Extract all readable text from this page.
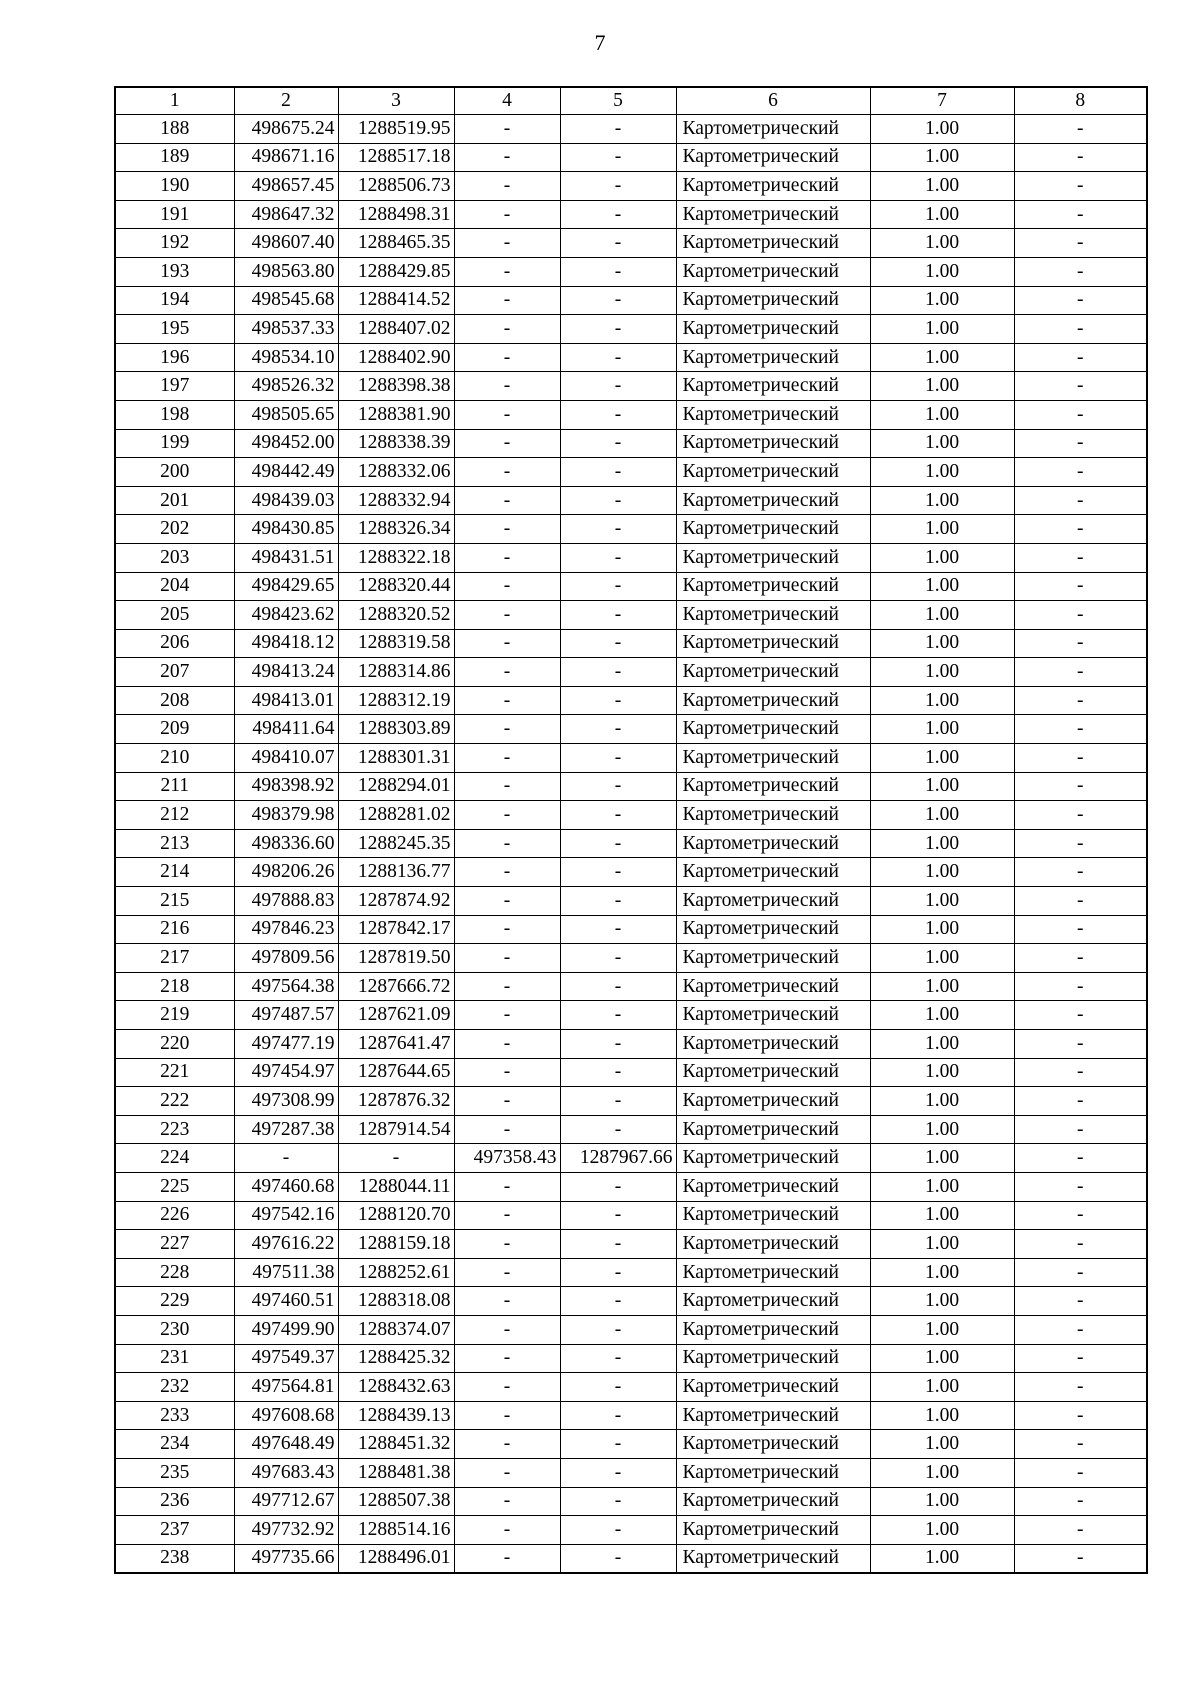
7
1	2	3	4	5	6	7	8
188	498675.24	1288519.95	-	-	Картометрический	1.00	-
189	498671.16	1288517.18	-	-	Картометрический	1.00	-
190	498657.45	1288506.73	-	-	Картометрический	1.00	-
191	498647.32	1288498.31	-	-	Картометрический	1.00	-
192	498607.40	1288465.35	-	-	Картометрический	1.00	-
193	498563.80	1288429.85	-	-	Картометрический	1.00	-
194	498545.68	1288414.52	-	-	Картометрический	1.00	-
195	498537.33	1288407.02	-	-	Картометрический	1.00	-
196	498534.10	1288402.90	-	-	Картометрический	1.00	-
197	498526.32	1288398.38	-	-	Картометрический	1.00	-
198	498505.65	1288381.90	-	-	Картометрический	1.00	-
199	498452.00	1288338.39	-	-	Картометрический	1.00	-
200	498442.49	1288332.06	-	-	Картометрический	1.00	-
201	498439.03	1288332.94	-	-	Картометрический	1.00	-
202	498430.85	1288326.34	-	-	Картометрический	1.00	-
203	498431.51	1288322.18	-	-	Картометрический	1.00	-
204	498429.65	1288320.44	-	-	Картометрический	1.00	-
205	498423.62	1288320.52	-	-	Картометрический	1.00	-
206	498418.12	1288319.58	-	-	Картометрический	1.00	-
207	498413.24	1288314.86	-	-	Картометрический	1.00	-
208	498413.01	1288312.19	-	-	Картометрический	1.00	-
209	498411.64	1288303.89	-	-	Картометрический	1.00	-
210	498410.07	1288301.31	-	-	Картометрический	1.00	-
211	498398.92	1288294.01	-	-	Картометрический	1.00	-
212	498379.98	1288281.02	-	-	Картометрический	1.00	-
213	498336.60	1288245.35	-	-	Картометрический	1.00	-
214	498206.26	1288136.77	-	-	Картометрический	1.00	-
215	497888.83	1287874.92	-	-	Картометрический	1.00	-
216	497846.23	1287842.17	-	-	Картометрический	1.00	-
217	497809.56	1287819.50	-	-	Картометрический	1.00	-
218	497564.38	1287666.72	-	-	Картометрический	1.00	-
219	497487.57	1287621.09	-	-	Картометрический	1.00	-
220	497477.19	1287641.47	-	-	Картометрический	1.00	-
221	497454.97	1287644.65	-	-	Картометрический	1.00	-
222	497308.99	1287876.32	-	-	Картометрический	1.00	-
223	497287.38	1287914.54	-	-	Картометрический	1.00	-
224	-	-	497358.43	1287967.66	Картометрический	1.00	-
225	497460.68	1288044.11	-	-	Картометрический	1.00	-
226	497542.16	1288120.70	-	-	Картометрический	1.00	-
227	497616.22	1288159.18	-	-	Картометрический	1.00	-
228	497511.38	1288252.61	-	-	Картометрический	1.00	-
229	497460.51	1288318.08	-	-	Картометрический	1.00	-
230	497499.90	1288374.07	-	-	Картометрический	1.00	-
231	497549.37	1288425.32	-	-	Картометрический	1.00	-
232	497564.81	1288432.63	-	-	Картометрический	1.00	-
233	497608.68	1288439.13	-	-	Картометрический	1.00	-
234	497648.49	1288451.32	-	-	Картометрический	1.00	-
235	497683.43	1288481.38	-	-	Картометрический	1.00	-
236	497712.67	1288507.38	-	-	Картометрический	1.00	-
237	497732.92	1288514.16	-	-	Картометрический	1.00	-
238	497735.66	1288496.01	-	-	Картометрический	1.00	-
